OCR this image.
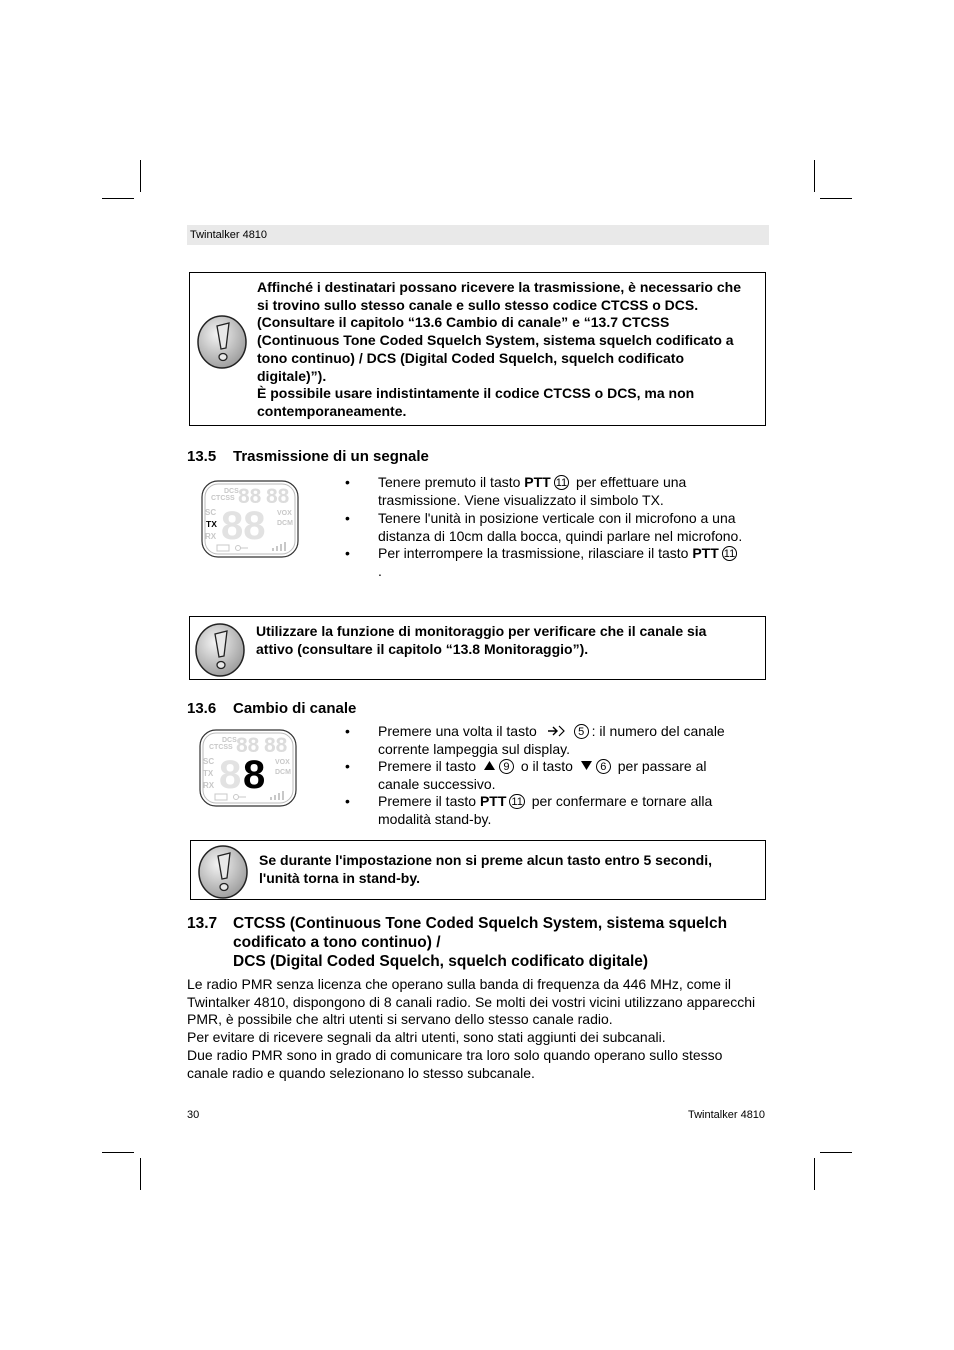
Twintalker 4810
Affinché i destinatari possano ricevere la trasmissione, è necessario che
si trovino sullo stesso canale e sullo stesso codice CTCSS o DCS.
(Consultare il capitolo “13.6 Cambio di canale” e “13.7 CTCSS
(Continuous Tone Coded Squelch System, sistema squelch codificato a
tono continuo) / DCS (Digital Coded Squelch, squelch codificato
digitale)”).
È possibile usare indistintamente il codice CTCSS o DCS, ma non
contemporaneamente.
13.5 Trasmissione di un segnale
DCS
CTCSS 88 88
SC
TX
RX 88 VOX
DCM
• Tenere premuto il tasto PTT 11 per effettuare una
trasmissione. Viene visualizzato il simbolo TX.
• Tenere l'unità in posizione verticale con il microfono a una
distanza di 10cm dalla bocca, quindi parlare nel microfono.
• Per interrompere la trasmissione, rilasciare il tasto PTT 11
.
Utilizzare la funzione di monitoraggio per verificare che il canale sia
attivo (consultare il capitolo “13.8 Monitoraggio”).
13.6 Cambio di canale
DCS
CTCSS 88 88
SC
TX
RX 8 8 VOX
DCM
• Premere una volta il tasto	5 : il numero del canale
corrente lampeggia sul display.
• Premere il tasto 9 o il tasto 6 per passare al
canale successivo.
• Premere il tasto PTT 11 per confermare e tornare alla
modalità stand-by.
Se durante l'impostazione non si preme alcun tasto entro 5 secondi,
l'unità torna in stand-by.
13.7 CTCSS (Continuous Tone Coded Squelch System, sistema squelch
codificato a tono continuo) /
DCS (Digital Coded Squelch, squelch codificato digitale)

Le radio PMR senza licenza che operano sulla banda di frequenza da 446 MHz, come il

Twintalker 4810, dispongono di 8 canali radio. Se molti dei vostri vicini utilizzano apparecchi

PMR, è possibile che altri utenti si servano dello stesso canale radio.

Per evitare di ricevere segnali da altri utenti, sono stati aggiunti dei subcanali.

Due radio PMR sono in grado di comunicare tra loro solo quando operano sullo stesso

canale radio e quando selezionano lo stesso subcanale.

30	Twintalker 4810
